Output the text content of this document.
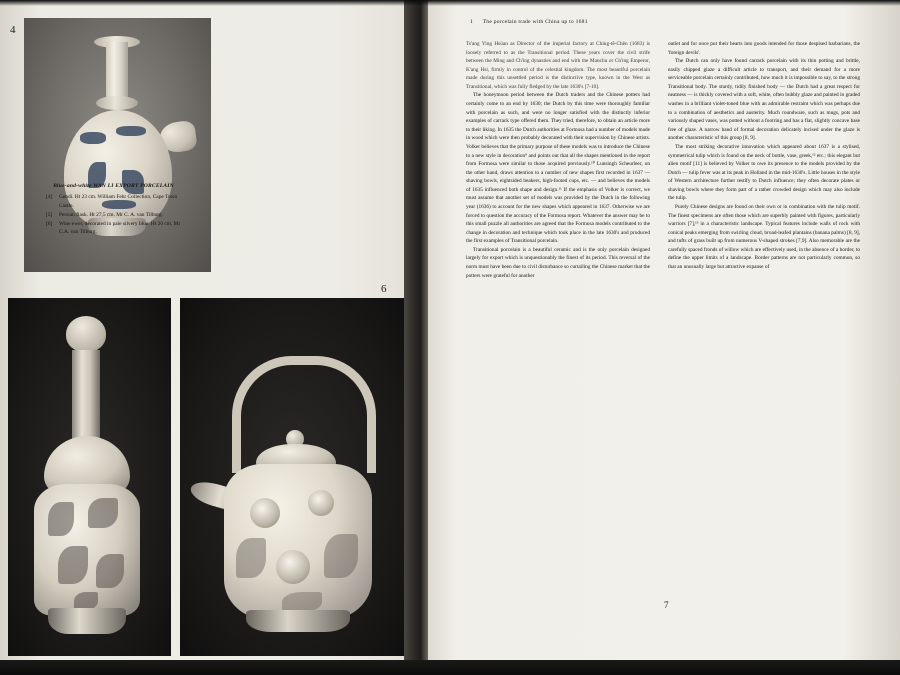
4
Blue-and-white WAN LI EXPORT PORCELAIN
[4]	Gendi. Ht 23 cm. William Fehr Collection, Cape Town Castle.
[5]	Persian flask. Ht 27,5 cm. Mr C. A. van Tilburg.
[6]	Wine ewer, decorated in pale silvery blue. Ht 20 cm. Mr C.A. van Tilburg.
6
1 The porcelain trade with China up to 1681

Ts'ang Ying Hsüan as Director of the imperial factory at Ching-tê-Chên (1683) is loosely referred to as the Transitional period. These years cover the civil strife between the Ming and Ch'ing dynasties and end with the Manchu or Ch'ing Emperor, K'ang Hsi, firmly in control of the celestial kingdom. The most beautiful porcelain made during this unsettled period is the distinctive type, known in the West as Transitional, which was fully fledged by the late 1630's [7-10].

The honeymoon period between the Dutch traders and the Chinese potters had certainly come to an end by 1630; the Dutch by this time were thoroughly familiar with porcelain as such, and were no longer satisfied with the distinctly inferior examples of carrack type offered them. They tried, therefore, to obtain an article more to their liking. In 1635 the Dutch authorities at Formosa had a number of models made in wood which were then probably decorated with their supervision by Chinese artists. Volker believes that the primary purpose of these models was to introduce the Chinese to a new style in decoration⁹ and points out that all the shapes mentioned in the report from Formosa were similar to those acquired previously.¹⁰ Lunsingh Scheurleer, on the other hand, draws attention to a number of new shapes first recorded in 1637 — shaving bowls, eightsided beakers, high-footed cups, etc. — and believes the models of 1635 influenced both shape and design.¹¹ If the emphasis of Volker is correct, we must assume that another set of models was provided by the Dutch in the following year (1636) to account for the new shapes which appeared in 1637. Otherwise we are forced to question the accuracy of the Formosa report. Whatever the answer may be to this small puzzle all authorities are agreed that the Formosa models contributed to the change in decoration and technique which took place in the late 1630's and produced the first examples of Transitional porcelain.

Transitional porcelain is a beautiful ceramic and is the only porcelain designed largely for export which is unquestionably the finest of its period. This reversal of the norm must have been due to civil disturbance so curtailing the Chinese market that the potters were grateful for another

outlet and for once put their hearts into goods intended for those despised barbarians, the 'foreign devils'.

The Dutch can only have found carrack porcelain with its thin potting and brittle, easily chipped glaze a difficult article to transport, and their demand for a more serviceable porcelain certainly contributed, how much it is impossible to say, to the strong Transitional body. The sturdy, tidily finished body — the Dutch had a great respect for neatness — is thickly covered with a soft, white, often bubbly glaze and painted in graded washes in a brilliant violet-toned blue with an admirable restraint which was perhaps due to a combination of aesthetics and austerity. Much roundware, such as mugs, pots and variously shaped vases, was potted without a footring and has a flat, slightly concave base free of glaze. A narrow band of formal decoration delicately incised under the glaze is another characteristic of this group [8, 9].

The most striking decorative innovation which appeared about 1637 is a stylised, symmetrical tulip which is found on the neck of bottle, vase, greek,¹² etc.; this elegant but alien motif [11] is believed by Volker to owe its presence to the models provided by the Dutch — tulip fever was at its peak in Holland in the mid-1630's. Little houses in the style of Western architecture further testify to Dutch influence; they often decorate plates or shaving bowls where they form part of a rather crowded design which may also include the tulip.

Purely Chinese designs are found on their own or in combination with the tulip motif. The finest specimens are often those which are superbly painted with figures, particularly warriors [7],¹³ in a characteristic landscape. Typical features include walls of rock with conical peaks emerging from swirling cloud, broad-leafed plantains (banana palms) [8, 9], and tufts of grass built up from numerous V-shaped strokes [7,9]. Also memorable are the carefully spaced fronds of willow which are effectively used, in the absence of a border, to define the upper limits of a landscape. Border patterns are not particularly common, so that an unusually large but attractive expanse of

7
